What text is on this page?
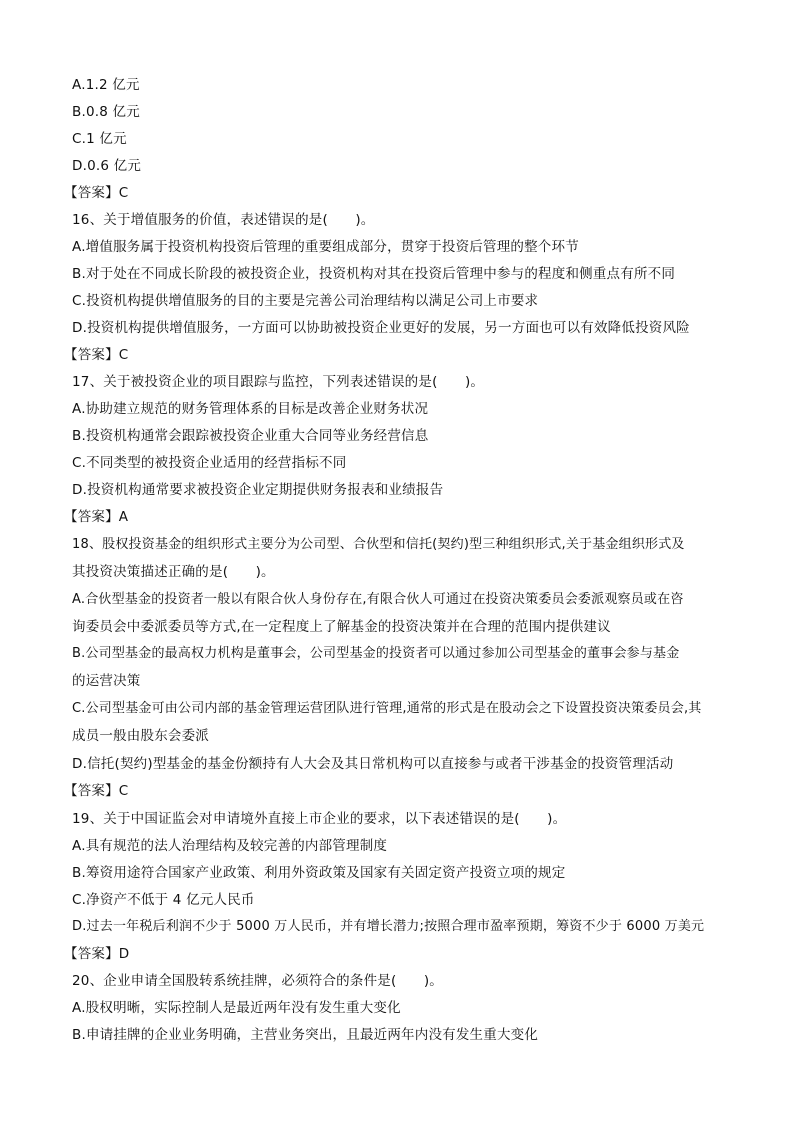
A.1.2 亿元
B.0.8 亿元
C.1 亿元
D.0.6 亿元
【答案】C
16、关于增值服务的价值，表述错误的是(　　)。
A.增值服务属于投资机构投资后管理的重要组成部分，贯穿于投资后管理的整个环节
B.对于处在不同成长阶段的被投资企业，投资机构对其在投资后管理中参与的程度和侧重点有所不同
C.投资机构提供增值服务的目的主要是完善公司治理结构以满足公司上市要求
D.投资机构提供增值服务，一方面可以协助被投资企业更好的发展，另一方面也可以有效降低投资风险
【答案】C
17、关于被投资企业的项目跟踪与监控，下列表述错误的是(　　)。
A.协助建立规范的财务管理体系的目标是改善企业财务状况
B.投资机构通常会跟踪被投资企业重大合同等业务经营信息
C.不同类型的被投资企业适用的经营指标不同
D.投资机构通常要求被投资企业定期提供财务报表和业绩报告
【答案】A
18、股权投资基金的组织形式主要分为公司型、合伙型和信托(契约)型三种组织形式,关于基金组织形式及
其投资决策描述正确的是(　　)。
A.合伙型基金的投资者一般以有限合伙人身份存在,有限合伙人可通过在投资决策委员会委派观察员或在咨
询委员会中委派委员等方式,在一定程度上了解基金的投资决策并在合理的范围内提供建议
B.公司型基金的最高权力机构是董事会，公司型基金的投资者可以通过参加公司型基金的董事会参与基金
的运营决策
C.公司型基金可由公司内部的基金管理运营团队进行管理,通常的形式是在股动会之下设置投资决策委员会,其
成员一般由股东会委派
D.信托(契约)型基金的基金份额持有人大会及其日常机构可以直接参与或者干涉基金的投资管理活动
【答案】C
19、关于中国证监会对申请境外直接上市企业的要求，以下表述错误的是(　　)。
A.具有规范的法人治理结构及较完善的内部管理制度
B.筹资用途符合国家产业政策、利用外资政策及国家有关固定资产投资立项的规定
C.净资产不低于 4 亿元人民币
D.过去一年税后利润不少于 5000 万人民币，并有增长潜力;按照合理市盈率预期，筹资不少于 6000 万美元
【答案】D
20、企业申请全国股转系统挂牌，必须符合的条件是(　　)。
A.股权明晰，实际控制人是最近两年没有发生重大变化
B.申请挂牌的企业业务明确，主营业务突出，且最近两年内没有发生重大变化
